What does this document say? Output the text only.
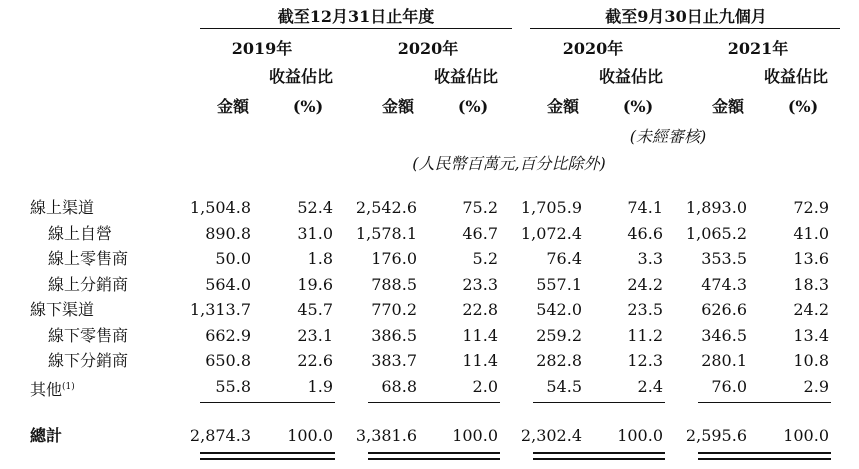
截至12月31日止年度	截至9月30日止九個月
2019年	2020年	2020年	2021年
收益佔比	收益佔比	收益佔比	收益佔比
金額	金額	金額	金額
(%)	(%)	(%)	(%)
(未經審核)
(人民幣百萬元,百分比除外)
線上渠道	1,504.8	52.4 2,542.6	75.2 1,705.9	74.1 1,893.0	72.9
線上自營	890.8	31.0 1,578.1	46.7 1,072.4	46.6 1,065.2	41.0
線上零售商	50.0	1.8 176.0	5.2	76.4	3.3 353.5	13.6
線上分銷商	564.0	19.6 788.5	23.3 557.1	24.2 474.3	18.3
線下渠道	1,313.7	45.7 770.2	22.8 542.0	23.5 626.6	24.2
線下零售商	662.9	23.1 386.5	11.4 259.2	11.2 346.5	13.4
線下分銷商	650.8	22.6 383.7	11.4 282.8	12.3 280.1	10.8
其他$^{(1)}$	55.8	1.9	68.8	2.0	54.5	2.4	76.0	2.9
總計	2,874.3 100.0 3,381.6 100.0 2,302.4 100.0 2,595.6 100.0
